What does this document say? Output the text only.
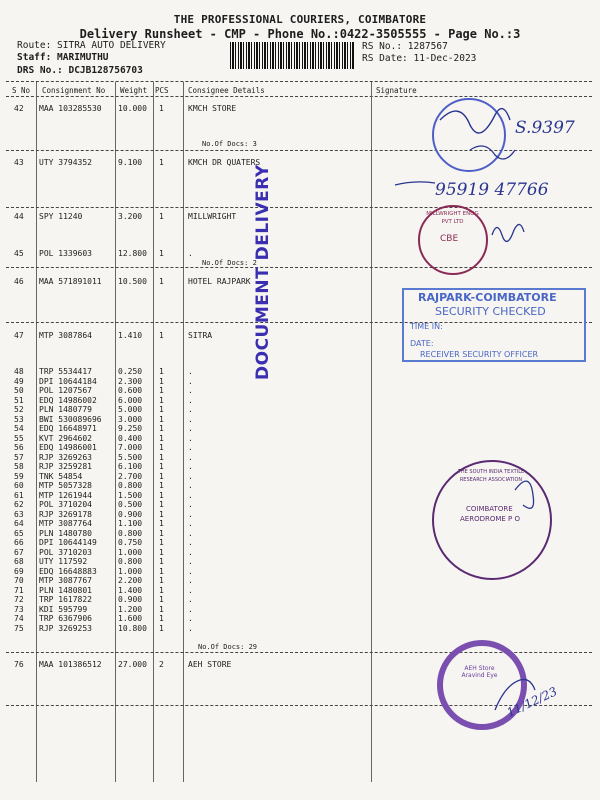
THE PROFESSIONAL COURIERS, COIMBATORE
Delivery Runsheet - CMP - Phone No.:0422-3505555 - Page No.:3
Route: SITRA AUTO DELIVERY
Staff: MARIMUTHU
DRS No.: DCJB128756703
RS No.: 1287567
RS Date: 11-Dec-2023
S No Consignment No Weight PCS	Consignee Details	Signature
No.Of Docs: 3
No.Of Docs: 2
No.Of Docs: 29
42 MAA 103285530 10.000 1	KMCH STORE
43 UTY 3794352	9.100 1	KMCH DR QUATERS
44 SPY 11240	3.200 1	MILLWRIGHT
45 POL 1339603	12.800 1	.
46 MAA 571891011 10.500 1	HOTEL RAJPARK
47 MTP 3087864	1.410 1	SITRA
48 TRP 5534417	0.250 1	.
49 DPI 10644184	2.300 1	.
50 POL 1207567	0.600 1	.
51 EDQ 14986002	6.000 1	.
52 PLN 1480779	5.000 1	.
53 BWI 530089696 3.000 1	.
54 EDQ 16648971	9.250 1	.
55 KVT 2964602	0.400 1	.
56 EDQ 14986001	7.000 1	.
57 RJP 3269263	5.500 1	.
58 RJP 3259281	6.100 1	.
59 TNK 54854	2.700 1	.
60 MTP 5057328	0.800 1	.
61 MTP 1261944	1.500 1	.
62 POL 3710204	0.500 1	.
63 RJP 3269178	0.900 1	.
64 MTP 3087764	1.100 1	.
65 PLN 1480780	0.800 1	.
66 DPI 10644149	0.750 1	.
67 POL 3710203	1.000 1	.
68 UTY 117592	0.800 1	.
69 EDQ 16648883	1.000 1	.
70 MTP 3087767	2.200 1	.
71 PLN 1480801	1.400 1	.
72 TRP 1617822	0.900 1	.
73 KDI 595799	1.200 1	.
74 TRP 6367906	1.600 1	.
75 RJP 3269253	10.800 1	.
76 MAA 101386512 27.000 2	AEH STORE
DOCUMENT DELIVERY	MILLWRIGHT ENGG PVT LTD
CBE
RAJPARK-COIMBATORE
SECURITY CHECKED
TIME IN:
DATE:
RECEIVER SECURITY OFFICER
THE SOUTH INDIA TEXTILE RESEARCH ASSOCIATION
COIMBATORE
AERODROME P O
AEH Store Aravind Eye
S.9397
95919 47766
11/12/23
